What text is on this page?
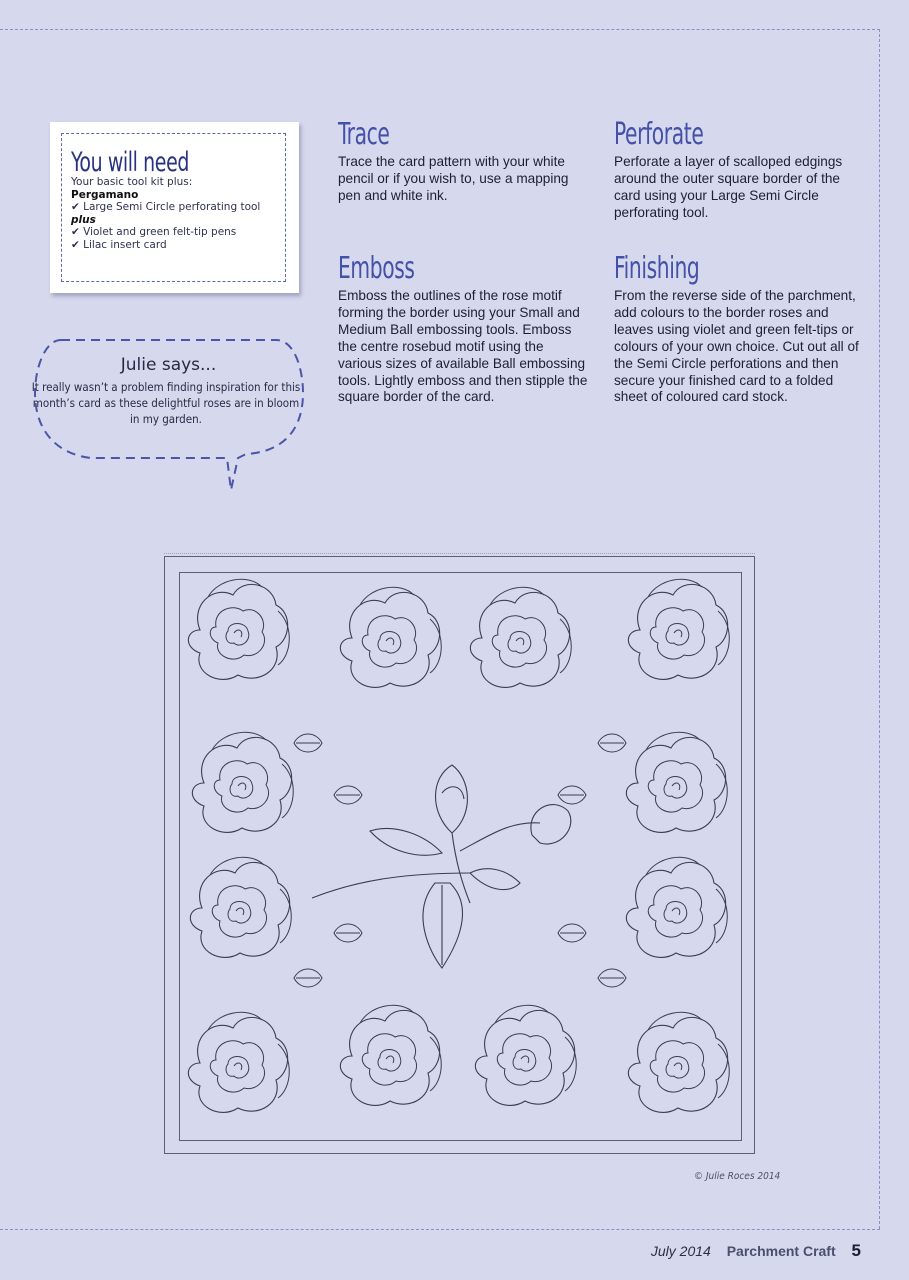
You will need
Your basic tool kit plus:
Pergamano
✔ Large Semi Circle perforating tool
plus
✔ Violet and green felt-tip pens
✔ Lilac insert card
Julie says...
It really wasn’t a problem finding inspiration for this month’s card as these delightful roses are in bloom in my garden.
Trace
Trace the card pattern with your white pencil or if you wish to, use a mapping pen and white ink.
Emboss
Emboss the outlines of the rose motif forming the border using your Small and Medium Ball embossing tools. Emboss the centre rosebud motif using the various sizes of available Ball embossing tools. Lightly emboss and then stipple the square border of the card.
Perforate
Perforate a layer of scalloped edgings around the outer square border of the card using your Large Semi Circle perforating tool.
Finishing
From the reverse side of the parchment, add colours to the border roses and leaves using violet and green felt-tips or colours of your own choice. Cut out all of the Semi Circle perforations and then secure your finished card to a folded sheet of coloured card stock.
© Julie Roces 2014
July 2014 Parchment Craft 5
